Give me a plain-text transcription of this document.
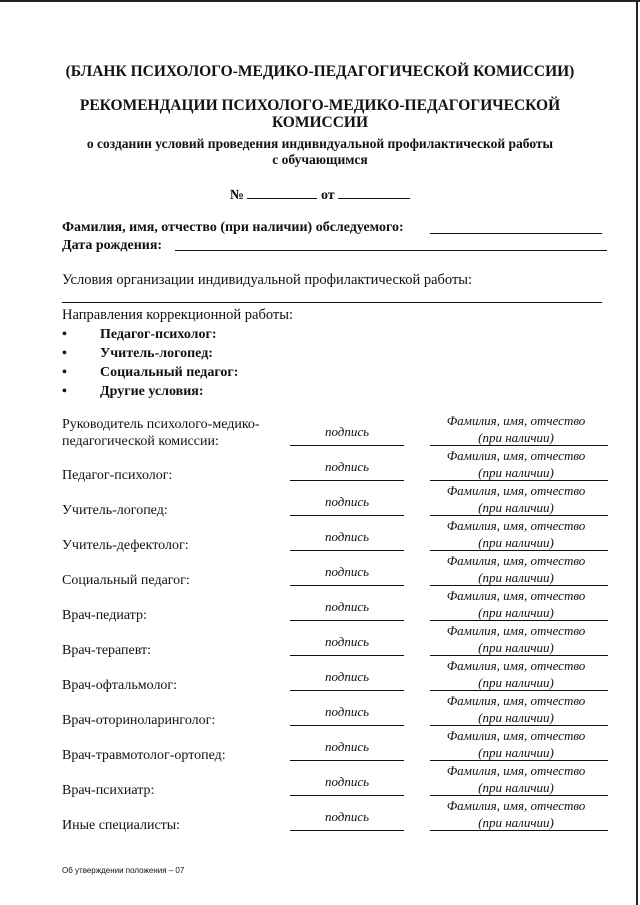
(БЛАНК ПСИХОЛОГО-МЕДИКО-ПЕДАГОГИЧЕСКОЙ КОМИССИИ)
РЕКОМЕНДАЦИИ ПСИХОЛОГО-МЕДИКО-ПЕДАГОГИЧЕСКОЙ
КОМИССИИ
о создании условий проведения индивидуальной профилактической работы
с обучающимся
№	от
Фамилия, имя, отчество (при наличии) обследуемого:
Дата рождения:
Условия организации индивидуальной профилактической работы:
Направления коррекционной работы:
• Педагог-психолог:
• Учитель-логопед:
• Социальный педагог:
• Другие условия:
Руководитель психолого-медико-
педагогической комиссии:
подпись
Фамилия, имя, отчество
(при наличии)
Педагог-психолог:
подпись
Фамилия, имя, отчество
(при наличии)
Учитель-логопед:
подпись
Фамилия, имя, отчество
(при наличии)
Учитель-дефектолог:
подпись
Фамилия, имя, отчество
(при наличии)
Социальный педагог:
подпись
Фамилия, имя, отчество
(при наличии)
Врач-педиатр:
подпись
Фамилия, имя, отчество
(при наличии)
Врач-терапевт:
подпись
Фамилия, имя, отчество
(при наличии)
Врач-офтальмолог:
подпись
Фамилия, имя, отчество
(при наличии)
Врач-оториноларинголог:
подпись
Фамилия, имя, отчество
(при наличии)
Врач-травмотолог-ортопед:
подпись
Фамилия, имя, отчество
(при наличии)
Врач-психиатр:
подпись
Фамилия, имя, отчество
(при наличии)
Иные специалисты:
подпись
Фамилия, имя, отчество
(при наличии)
Об утверждении положения – 07
